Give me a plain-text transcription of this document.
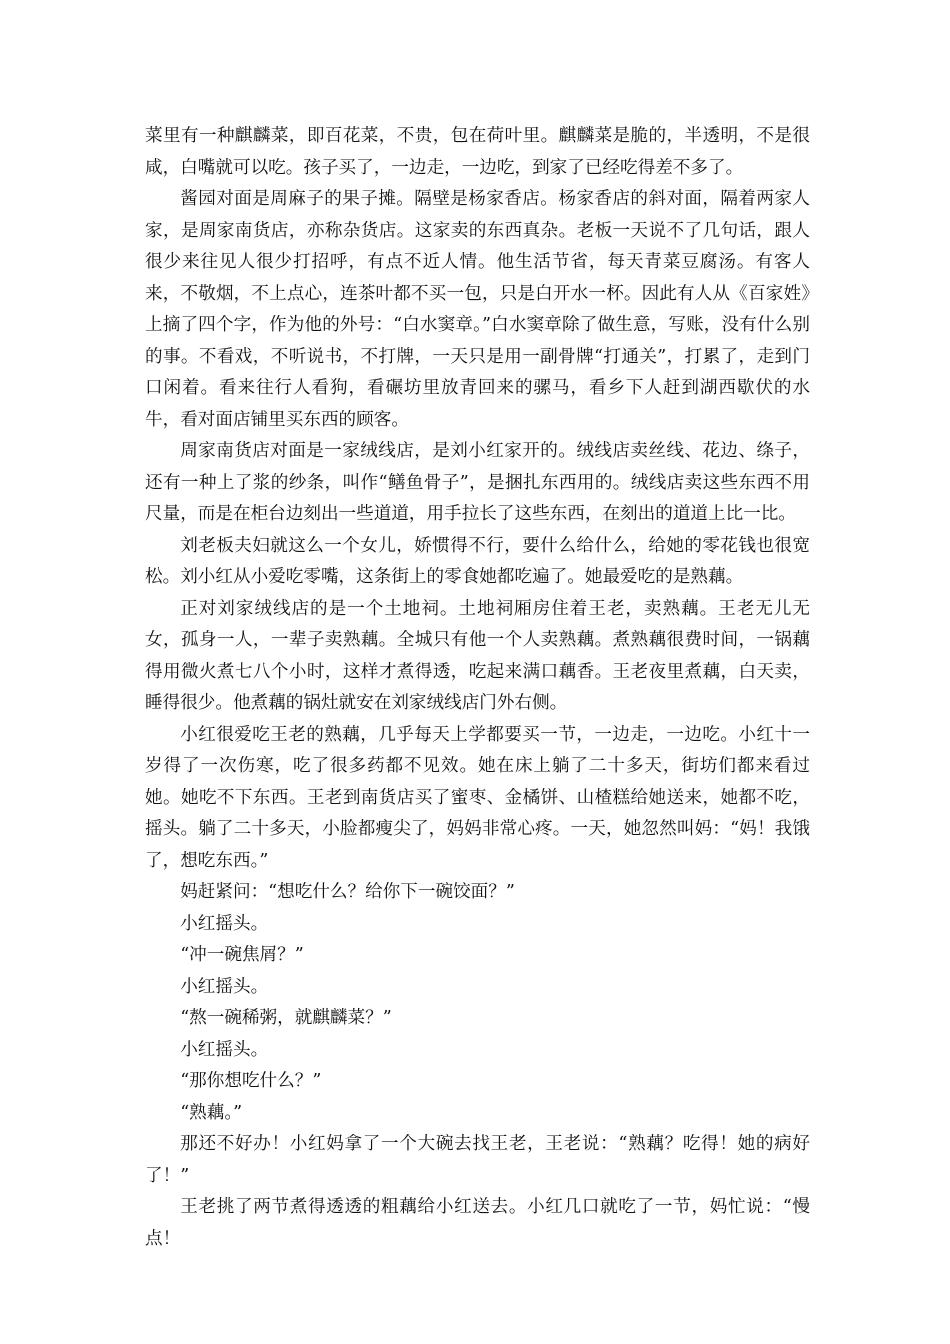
菜里有一种麒麟菜，即百花菜，不贵，包在荷叶里。麒麟菜是脆的，半透明，不是很咸，白嘴就可以吃。孩子买了，一边走，一边吃，到家了已经吃得差不多了。

酱园对面是周麻子的果子摊。隔壁是杨家香店。杨家香店的斜对面，隔着两家人家，是周家南货店，亦称杂货店。这家卖的东西真杂。老板一天说不了几句话，跟人很少来往见人很少打招呼，有点不近人情。他生活节省，每天青菜豆腐汤。有客人来，不敬烟，不上点心，连茶叶都不买一包，只是白开水一杯。因此有人从《百家姓》上摘了四个字，作为他的外号：“白水窦章。”白水窦章除了做生意，写账，没有什么别的事。不看戏，不听说书，不打牌，一天只是用一副骨牌“打通关”，打累了，走到门口闲着。看来往行人看狗，看碾坊里放青回来的骡马，看乡下人赶到湖西歇伏的水牛，看对面店铺里买东西的顾客。

周家南货店对面是一家绒线店，是刘小红家开的。绒线店卖丝线、花边、绦子，还有一种上了浆的纱条，叫作“鳝鱼骨子”，是捆扎东西用的。绒线店卖这些东西不用尺量，而是在柜台边刻出一些道道，用手拉长了这些东西，在刻出的道道上比一比。

刘老板夫妇就这么一个女儿，娇惯得不行，要什么给什么，给她的零花钱也很宽松。刘小红从小爱吃零嘴，这条街上的零食她都吃遍了。她最爱吃的是熟藕。

正对刘家绒线店的是一个土地祠。土地祠厢房住着王老，卖熟藕。王老无儿无女，孤身一人，一辈子卖熟藕。全城只有他一个人卖熟藕。煮熟藕很费时间，一锅藕得用微火煮七八个小时，这样才煮得透，吃起来满口藕香。王老夜里煮藕，白天卖，睡得很少。他煮藕的锅灶就安在刘家绒线店门外右侧。

小红很爱吃王老的熟藕，几乎每天上学都要买一节，一边走，一边吃。小红十一岁得了一次伤寒，吃了很多药都不见效。她在床上躺了二十多天，街坊们都来看过她。她吃不下东西。王老到南货店买了蜜枣、金橘饼、山楂糕给她送来，她都不吃，摇头。躺了二十多天，小脸都瘦尖了，妈妈非常心疼。一天，她忽然叫妈：“妈！我饿了，想吃东西。”

妈赶紧问：“想吃什么？给你下一碗饺面？”

小红摇头。

“冲一碗焦屑？”

小红摇头。

“熬一碗稀粥，就麒麟菜？”

小红摇头。

“那你想吃什么？”

“熟藕。”

那还不好办！小红妈拿了一个大碗去找王老，王老说：“熟藕？吃得！她的病好了！”

王老挑了两节煮得透透的粗藕给小红送去。小红几口就吃了一节，妈忙说：“慢点！
